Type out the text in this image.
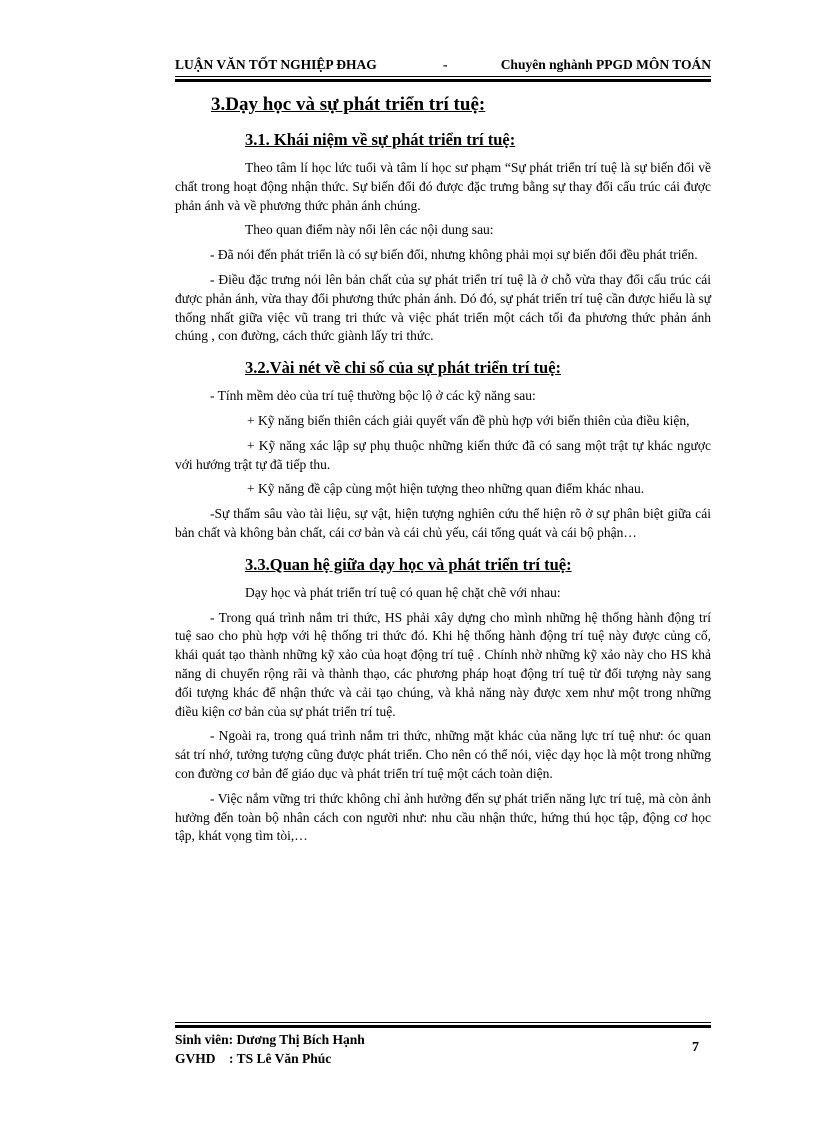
LUẬN VĂN TỐT NGHIỆP ĐHAG	-	Chuyên nghành PPGD MÔN TOÁN
3.Dạy học và sự phát triển trí tuệ:
3.1. Khái niệm về sự phát triển trí tuệ:

Theo tâm lí học lức tuổi và tâm lí học sư phạm “Sự phát triển trí tuệ là sự biến đổi về chất trong hoạt động nhận thức. Sự biến đổi đó được đặc trưng bằng sự thay đổi cấu trúc cái được phản ánh và về phương thức phản ánh chúng.

Theo quan điểm này nổi lên các nội dung sau:

- Đã nói đến phát triển là có sự biến đổi, nhưng không phải mọi sự biến đổi đều phát triển.

- Điều đặc trưng nói lên bản chất của sự phát triển trí tuệ là ở chỗ vừa thay đổi cấu trúc cái được phản ánh, vừa thay đổi phương thức phản ánh. Dó đó, sự phát triển trí tuệ cần được hiểu là sự thống nhất giữa việc vũ trang tri thức và việc phát triển một cách tối đa phương thức phản ánh chúng , con đường, cách thức giành lấy tri thức.

3.2.Vài nét về chỉ số của sự phát triển trí tuệ:

- Tính mềm dẻo của trí tuệ thường bộc lộ ở các kỹ năng sau:

+ Kỹ năng biến thiên cách giải quyết vấn đề phù hợp với biến thiên của điều kiện,

+ Kỹ năng xác lập sự phụ thuộc những kiến thức đã có sang một trật tự khác ngược với hướng trật tự đã tiếp thu.

+ Kỹ năng đề cập cùng một hiện tượng theo những quan điểm khác nhau.

-Sự thấm sâu vào tài liệu, sự vật, hiện tượng nghiên cứu thể hiện rõ ở sự phân biệt giữa cái bản chất và không bản chất, cái cơ bản và cái chủ yếu, cái tổng quát và cái bộ phận…

3.3.Quan hệ giữa dạy học và phát triển trí tuệ:

Dạy học và phát triển trí tuệ có quan hệ chặt chẽ với nhau:

- Trong quá trình nắm tri thức, HS phải xây dựng cho mình những hệ thống hành động trí tuệ sao cho phù hợp với hệ thống tri thức đó. Khi hệ thống hành động trí tuệ này được củng cố, khái quát tạo thành những kỹ xảo của hoạt động trí tuệ . Chính nhờ những kỹ xảo này cho HS khả năng di chuyển rộng rãi và thành thạo, các phương pháp hoạt động trí tuệ từ đối tượng này sang đối tượng khác để nhận thức và cải tạo chúng, và khả năng này được xem như một trong những điều kiện cơ bản của sự phát triển trí tuệ.

- Ngoài ra, trong quá trình nắm tri thức, những mặt khác của năng lực trí tuệ như: óc quan sát trí nhớ, tưởng tượng cũng được phát triển. Cho nên có thể nói, việc dạy học là một trong những con đường cơ bản để giáo dục và phát triển trí tuệ một cách toàn diện.

- Việc nắm vững tri thức không chỉ ảnh hưởng đến sự phát triển năng lực trí tuệ, mà còn ảnh hưởng đến toàn bộ nhân cách con người như: nhu cầu nhận thức, hứng thú học tập, động cơ học tập, khát vọng tìm tòi,…

Sinh viên: Dương Thị Bích Hạnh
GVHD    : TS Lê Văn Phúc
7
